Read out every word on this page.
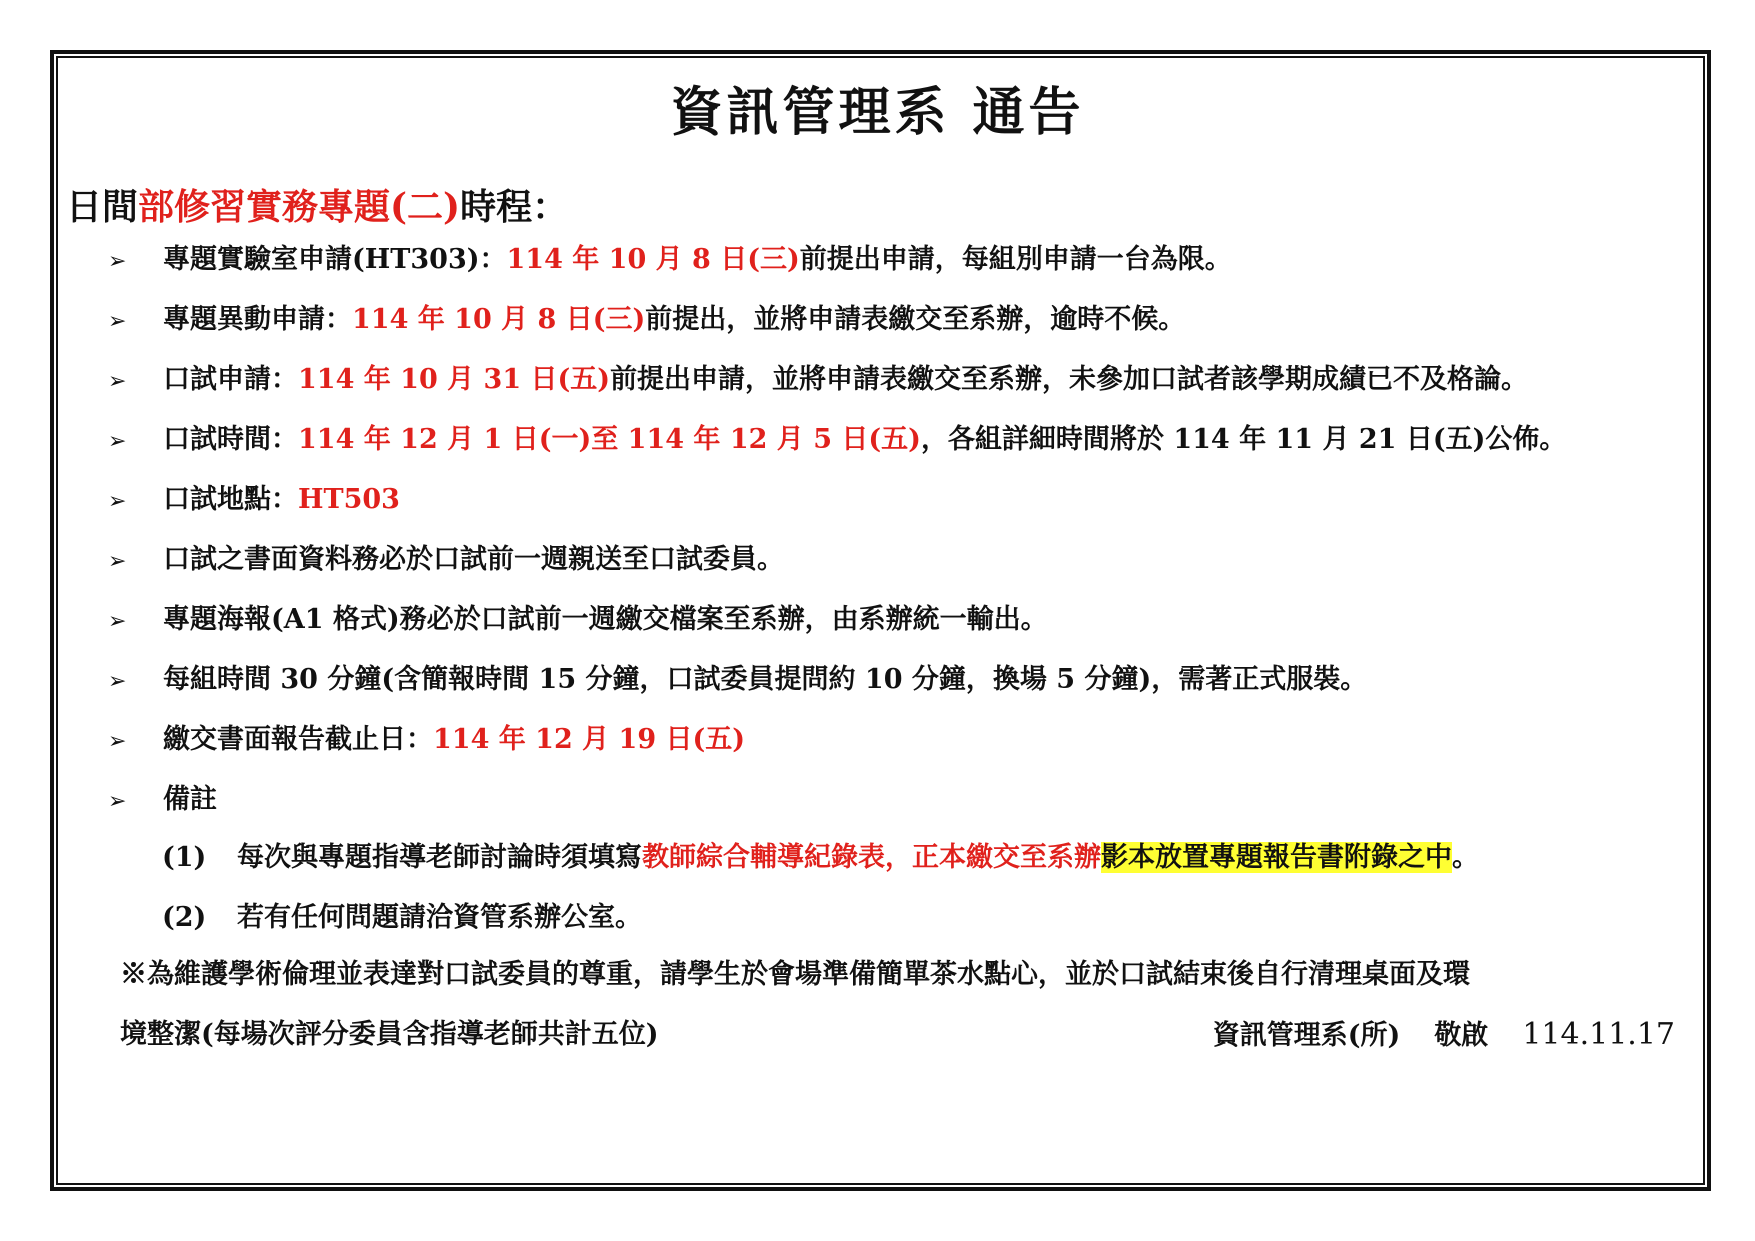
資訊管理系 通告
日間部修習實務專題(二)時程：
➢ 專題實驗室申請(HT303)：114 年 10 月 8 日(三)前提出申請，每組別申請一台為限。
➢ 專題異動申請：114 年 10 月 8 日(三)前提出，並將申請表繳交至系辦，逾時不候。
➢ 口試申請：114 年 10 月 31 日(五)前提出申請，並將申請表繳交至系辦，未參加口試者該學期成績已不及格論。
➢ 口試時間：114 年 12 月 1 日(一)至 114 年 12 月 5 日(五)，各組詳細時間將於 114 年 11 月 21 日(五)公佈。
➢ 口試地點：HT503
➢ 口試之書面資料務必於口試前一週親送至口試委員。
➢ 專題海報(A1 格式)務必於口試前一週繳交檔案至系辦，由系辦統一輸出。
➢ 每組時間 30 分鐘(含簡報時間 15 分鐘，口試委員提問約 10 分鐘，換場 5 分鐘)，需著正式服裝。
➢ 繳交書面報告截止日：114 年 12 月 19 日(五)
➢ 備註
(1) 每次與專題指導老師討論時須填寫教師綜合輔導紀錄表，正本繳交至系辦影本放置專題報告書附錄之中。
(2) 若有任何問題請洽資管系辦公室。
※為維護學術倫理並表達對口試委員的尊重，請學生於會場準備簡單茶水點心，並於口試結束後自行清理桌面及環
境整潔(每場次評分委員含指導老師共計五位)	資訊管理系(所) 敬啟 114.11.17
